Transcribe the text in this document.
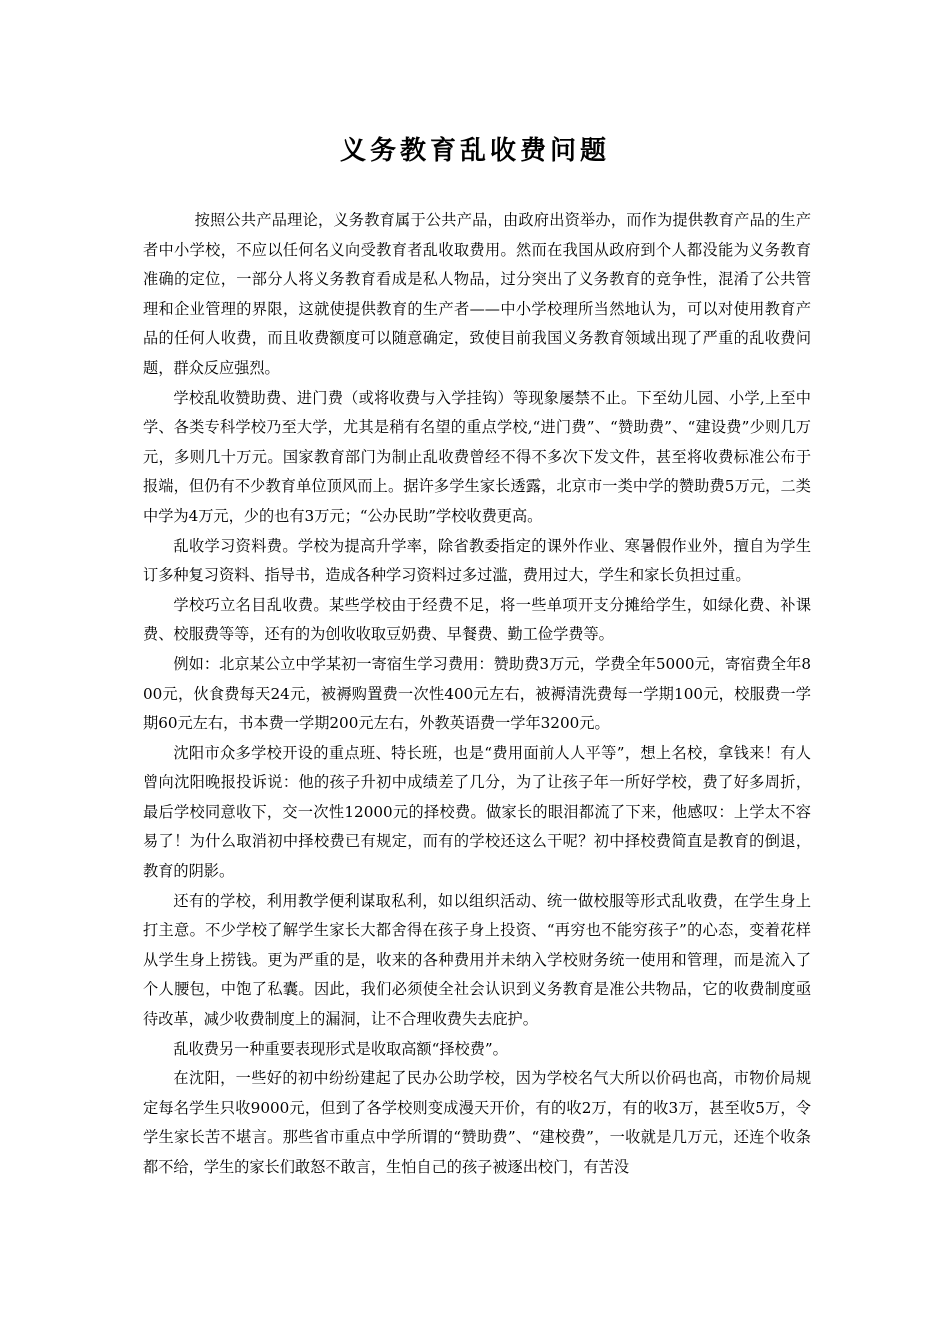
义务教育乱收费问题

按照公共产品理论，义务教育属于公共产品，由政府出资举办，而作为提供教育产品的生产者中小学校，不应以任何名义向受教育者乱收取费用。然而在我国从政府到个人都没能为义务教育准确的定位，一部分人将义务教育看成是私人物品，过分突出了义务教育的竞争性，混淆了公共管理和企业管理的界限，这就使提供教育的生产者——中小学校理所当然地认为，可以对使用教育产品的任何人收费，而且收费额度可以随意确定，致使目前我国义务教育领域出现了严重的乱收费问题，群众反应强烈。

学校乱收赞助费、进门费（或将收费与入学挂钩）等现象屡禁不止。下至幼儿园、小学,上至中学、各类专科学校乃至大学，尤其是稍有名望的重点学校,“进门费”、“赞助费”、“建设费”少则几万元，多则几十万元。国家教育部门为制止乱收费曾经不得不多次下发文件，甚至将收费标准公布于报端，但仍有不少教育单位顶风而上。据许多学生家长透露，北京市一类中学的赞助费5万元，二类中学为4万元，少的也有3万元；“公办民助”学校收费更高。

乱收学习资料费。学校为提高升学率，除省教委指定的课外作业、寒暑假作业外，擅自为学生订多种复习资料、指导书，造成各种学习资料过多过滥，费用过大，学生和家长负担过重。

学校巧立名目乱收费。某些学校由于经费不足，将一些单项开支分摊给学生，如绿化费、补课费、校服费等等，还有的为创收收取豆奶费、早餐费、勤工俭学费等。

例如：北京某公立中学某初一寄宿生学习费用：赞助费3万元，学费全年5000元，寄宿费全年800元，伙食费每天24元，被褥购置费一次性400元左右，被褥清洗费每一学期100元，校服费一学期60元左右，书本费一学期200元左右，外教英语费一学年3200元。

沈阳市众多学校开设的重点班、特长班，也是“费用面前人人平等”，想上名校，拿钱来！有人曾向沈阳晚报投诉说：他的孩子升初中成绩差了几分，为了让孩子年一所好学校，费了好多周折，最后学校同意收下，交一次性12000元的择校费。做家长的眼泪都流了下来，他感叹：上学太不容易了！为什么取消初中择校费已有规定，而有的学校还这么干呢？初中择校费简直是教育的倒退，教育的阴影。

还有的学校，利用教学便利谋取私利，如以组织活动、统一做校服等形式乱收费，在学生身上打主意。不少学校了解学生家长大都舍得在孩子身上投资、“再穷也不能穷孩子”的心态，变着花样从学生身上捞钱。更为严重的是，收来的各种费用并未纳入学校财务统一使用和管理，而是流入了个人腰包，中饱了私囊。因此，我们必须使全社会认识到义务教育是准公共物品，它的收费制度亟待改革，减少收费制度上的漏洞，让不合理收费失去庇护。

乱收费另一种重要表现形式是收取高额“择校费”。

在沈阳，一些好的初中纷纷建起了民办公助学校，因为学校名气大所以价码也高，市物价局规定每名学生只收9000元，但到了各学校则变成漫天开价，有的收2万，有的收3万，甚至收5万，令学生家长苦不堪言。那些省市重点中学所谓的“赞助费”、“建校费”，一收就是几万元，还连个收条都不给，学生的家长们敢怒不敢言，生怕自己的孩子被逐出校门，有苦没
